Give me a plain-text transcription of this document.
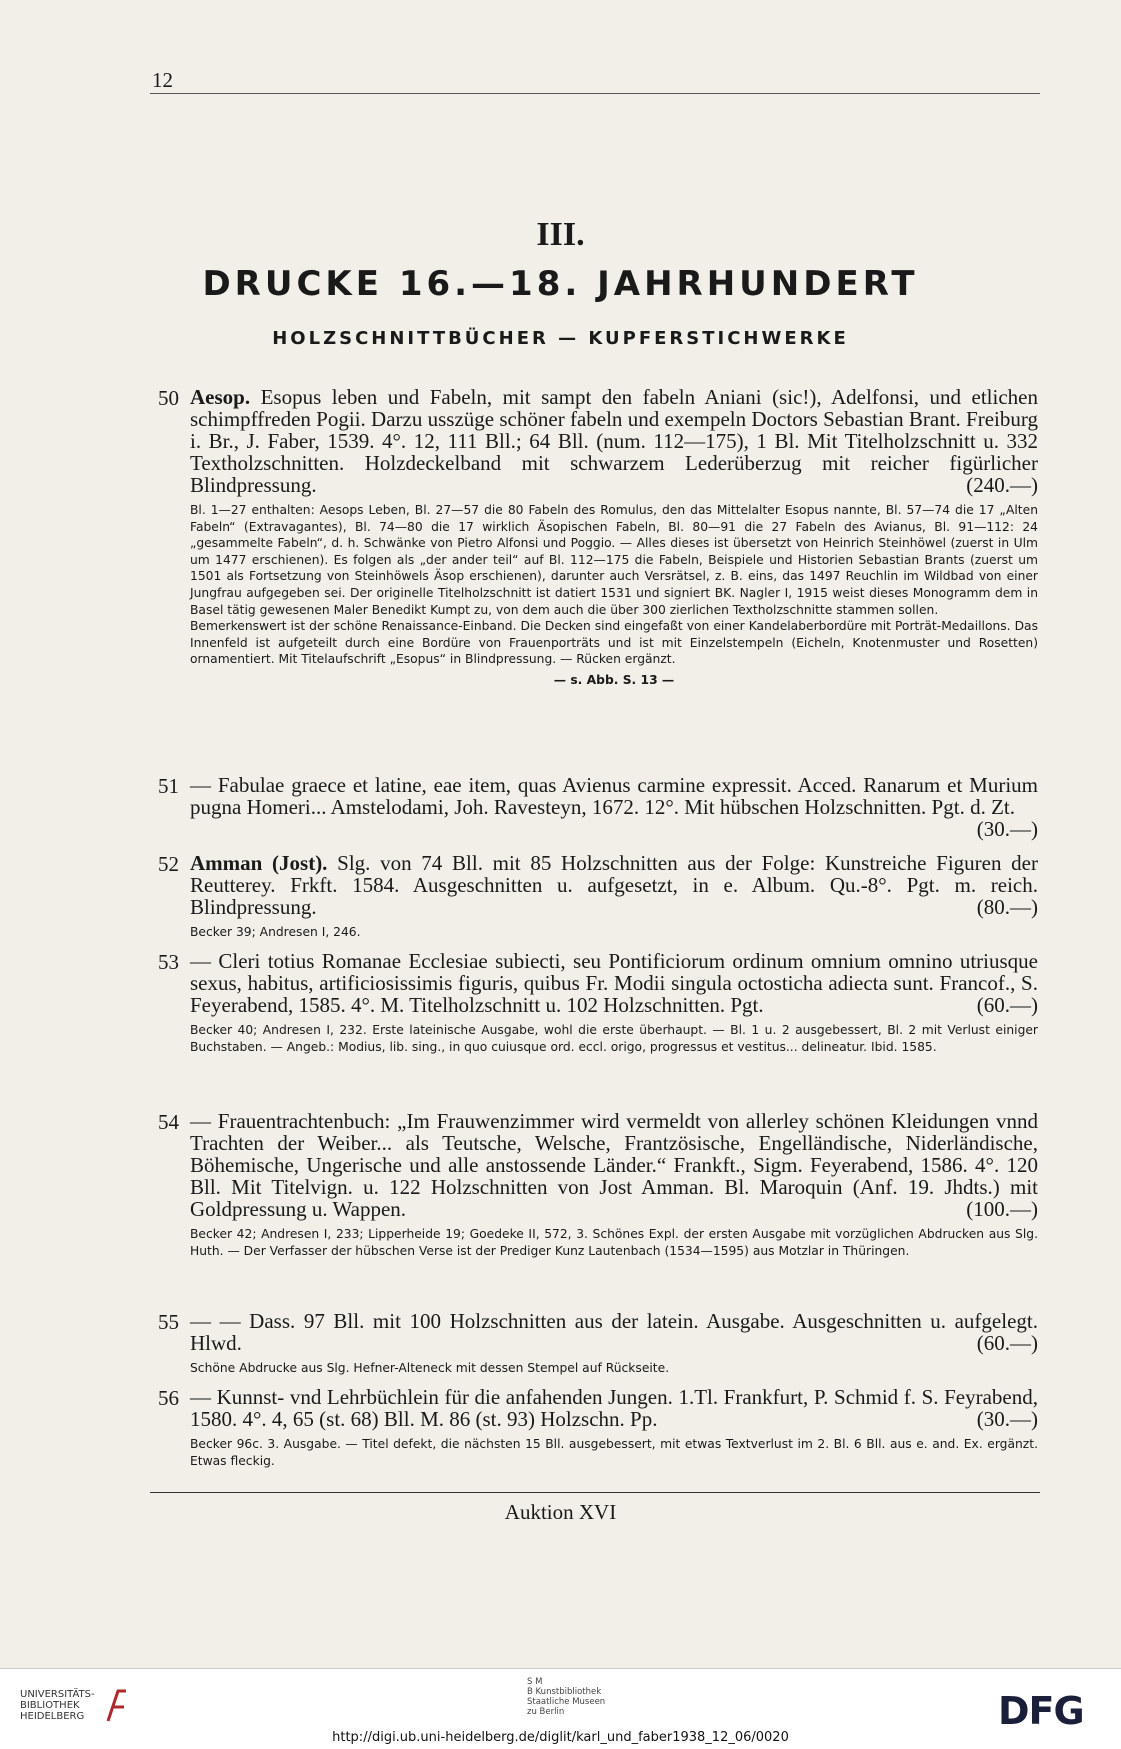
12
III.
DRUCKE 16.—18. JAHRHUNDERT
HOLZSCHNITTBÜCHER — KUPFERSTICHWERKE
50 Aesop. Esopus leben und Fabeln, mit sampt den fabeln Aniani (sic!), Adelfonsi, und etlichen schimpffreden Pogii. Darzu usszüge schöner fabeln und exempeln Doctors Sebastian Brant. Freiburg i. Br., J. Faber, 1539. 4°. 12, 111 Bll.; 64 Bll. (num. 112—175), 1 Bl. Mit Titelholzschnitt u. 332 Textholzschnitten. Holzdeckelband mit schwarzem Lederüberzug mit reicher figürlicher Blindpressung.	(240.—)
Bl. 1—27 enthalten: Aesops Leben, Bl. 27—57 die 80 Fabeln des Romulus, den das Mittelalter Esopus nannte, Bl. 57—74 die 17 „Alten Fabeln“ (Extravagantes), Bl. 74—80 die 17 wirklich Äsopischen Fabeln, Bl. 80—91 die 27 Fabeln des Avianus, Bl. 91—112: 24 „gesammelte Fabeln“, d. h. Schwänke von Pietro Alfonsi und Poggio. — Alles dieses ist übersetzt von Heinrich Steinhöwel (zuerst in Ulm um 1477 erschienen). Es folgen als „der ander teil“ auf Bl. 112—175 die Fabeln, Beispiele und Historien Sebastian Brants (zuerst um 1501 als Fortsetzung von Steinhöwels Äsop erschienen), darunter auch Versrätsel, z. B. eins, das 1497 Reuchlin im Wildbad von einer Jungfrau aufgegeben sei. Der originelle Titelholzschnitt ist datiert 1531 und signiert BK. Nagler I, 1915 weist dieses Monogramm dem in Basel tätig gewesenen Maler Benedikt Kumpt zu, von dem auch die über 300 zierlichen Textholzschnitte stammen sollen.
Bemerkenswert ist der schöne Renaissance-Einband. Die Decken sind eingefaßt von einer Kandelaberbordüre mit Porträt-Medaillons. Das Innenfeld ist aufgeteilt durch eine Bordüre von Frauenporträts und ist mit Einzelstempeln (Eicheln, Knotenmuster und Rosetten) ornamentiert. Mit Titelaufschrift „Esopus“ in Blindpressung. — Rücken ergänzt.
— s. Abb. S. 13 —
51 — Fabulae graece et latine, eae item, quas Avienus carmine expressit. Acced. Ranarum et Murium pugna Homeri... Amstelodami, Joh. Ravesteyn, 1672. 12°. Mit hübschen Holzschnitten. Pgt. d. Zt.
(30.—)
52 Amman (Jost). Slg. von 74 Bll. mit 85 Holzschnitten aus der Folge: Kunstreiche Figuren der Reutterey. Frkft. 1584. Ausgeschnitten u. aufgesetzt, in e. Album. Qu.-8°. Pgt. m. reich. Blindpressung.	(80.—)
Becker 39; Andresen I, 246.
53 — Cleri totius Romanae Ecclesiae subiecti, seu Pontificiorum ordinum omnium omnino utriusque sexus, habitus, artificiosissimis figuris, quibus Fr. Modii singula octosticha adiecta sunt. Francof., S. Feyerabend, 1585. 4°. M. Titelholzschnitt u. 102 Holzschnitten. Pgt.	(60.—)
Becker 40; Andresen I, 232. Erste lateinische Ausgabe, wohl die erste überhaupt. — Bl. 1 u. 2 ausgebessert, Bl. 2 mit Verlust einiger Buchstaben. — Angeb.: Modius, lib. sing., in quo cuiusque ord. eccl. origo, progressus et vestitus... delineatur. Ibid. 1585.
54 — Frauentrachtenbuch: „Im Frauwenzimmer wird vermeldt von allerley schönen Kleidungen vnnd Trachten der Weiber... als Teutsche, Welsche, Frantzösische, Engelländische, Niderländische, Böhemische, Ungerische und alle anstossende Länder.“ Frankft., Sigm. Feyerabend, 1586. 4°. 120 Bll. Mit Titelvign. u. 122 Holzschnitten von Jost Amman. Bl. Maroquin (Anf. 19. Jhdts.) mit Goldpressung u. Wappen.	(100.—)
Becker 42; Andresen I, 233; Lipperheide 19; Goedeke II, 572, 3. Schönes Expl. der ersten Ausgabe mit vorzüglichen Abdrucken aus Slg. Huth. — Der Verfasser der hübschen Verse ist der Prediger Kunz Lautenbach (1534—1595) aus Motzlar in Thüringen.
55 — — Dass. 97 Bll. mit 100 Holzschnitten aus der latein. Ausgabe. Ausgeschnitten u. aufgelegt. Hlwd.	(60.—)
Schöne Abdrucke aus Slg. Hefner-Alteneck mit dessen Stempel auf Rückseite.
56 — Kunnst- vnd Lehrbüchlein für die anfahenden Jungen. 1.Tl. Frankfurt, P. Schmid f. S. Feyrabend, 1580. 4°. 4, 65 (st. 68) Bll. M. 86 (st. 93) Holzschn. Pp.	(30.—)
Becker 96c. 3. Ausgabe. — Titel defekt, die nächsten 15 Bll. ausgebessert, mit etwas Textverlust im 2. Bl. 6 Bll. aus e. and. Ex. ergänzt. Etwas fleckig.
Auktion XVI
UNIVERSITÄTS-
BIBLIOTHEK
HEIDELBERG
S M
B Kunstbibliothek
Staatliche Museen
zu Berlin	DFG
http://digi.ub.uni-heidelberg.de/diglit/karl_und_faber1938_12_06/0020
